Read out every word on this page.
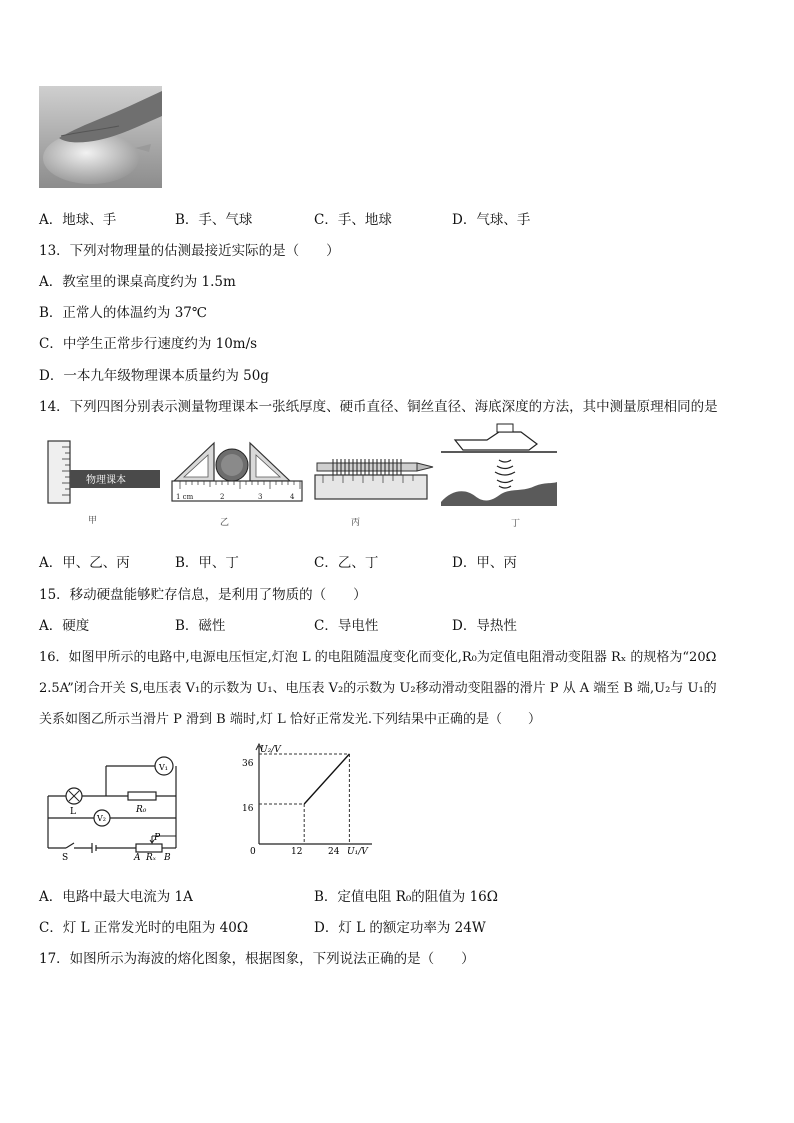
A．地球、手	B．手、气球	C．手、地球	D．气球、手
13．下列对物理量的估测最接近实际的是（　　）
A．教室里的课桌高度约为 1.5m
B．正常人的体温约为 37℃
C．中学生正常步行速度约为 10m/s
D．一本九年级物理课本质量约为 50g
14．下列四图分别表示测量物理课本一张纸厚度、硬币直径、铜丝直径、海底深度的方法，其中测量原理相同的是
物理课本
甲
1 cm	2	3	4
乙	丙	丁
A．甲、乙、丙	B．甲、丁	C．乙、丁	D．甲、丙
15．移动硬盘能够贮存信息，是利用了物质的（　　）
A．硬度	B．磁性	C．导电性	D．导热性
16．如图甲所示的电路中,电源电压恒定,灯泡 L 的电阻随温度变化而变化,R₀为定值电阻滑动变阻器 Rₓ 的规格为“20Ω
2.5A”闭合开关 S,电压表 V₁的示数为 U₁、电压表 V₂的示数为 U₂移动滑动变阻器的滑片 P 从 A 端至 B 端,U₂与 U₁的
关系如图乙所示当滑片 P 滑到 B 端时,灯 L 恰好正常发光.下列结果中正确的是（　　）
V₁
L	R₀
V₂
S
P
A Rₓ B
U₂/V
U₁/V
36
16
0	12	24
A．电路中最大电流为 1A	B．定值电阻 R₀的阻值为 16Ω
C．灯 L 正常发光时的电阻为 40Ω	D．灯 L 的额定功率为 24W
17．如图所示为海波的熔化图象，根据图象，下列说法正确的是（　　）
